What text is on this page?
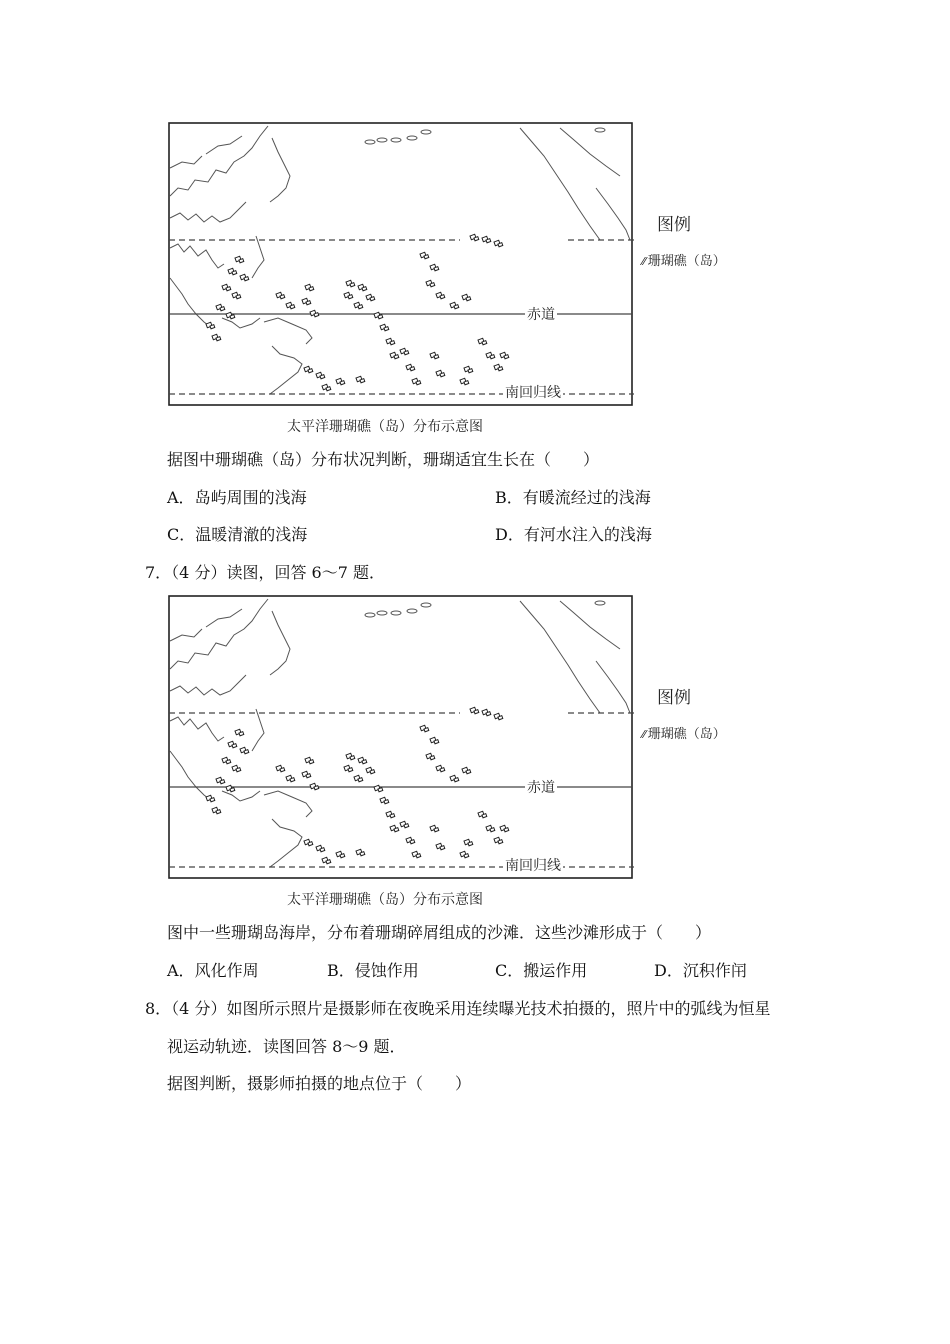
图例
⁄⁄ 珊瑚礁（岛）
赤道
南回归线
太平洋珊瑚礁（岛）分布示意图
据图中珊瑚礁（岛）分布状况判断，珊瑚适宜生长在（　　）
A．岛屿周围的浅海	B．有暖流经过的浅海
C．温暖清澈的浅海	D．有河水注入的浅海
7．（4 分）读图，回答 6～7 题．
图例
⁄⁄ 珊瑚礁（岛）
赤道
南回归线
太平洋珊瑚礁（岛）分布示意图
图中一些珊瑚岛海岸，分布着珊瑚碎屑组成的沙滩．这些沙滩形成于（　　）
A．风化作周	B．侵蚀作用	C．搬运作用	D．沉积作闬
8．（4 分）如图所示照片是摄影师在夜晚采用连续曝光技术拍摄的，照片中的弧线为恒星
视运动轨迹．读图回答 8～9 题．
据图判断，摄影师拍摄的地点位于（　　）
